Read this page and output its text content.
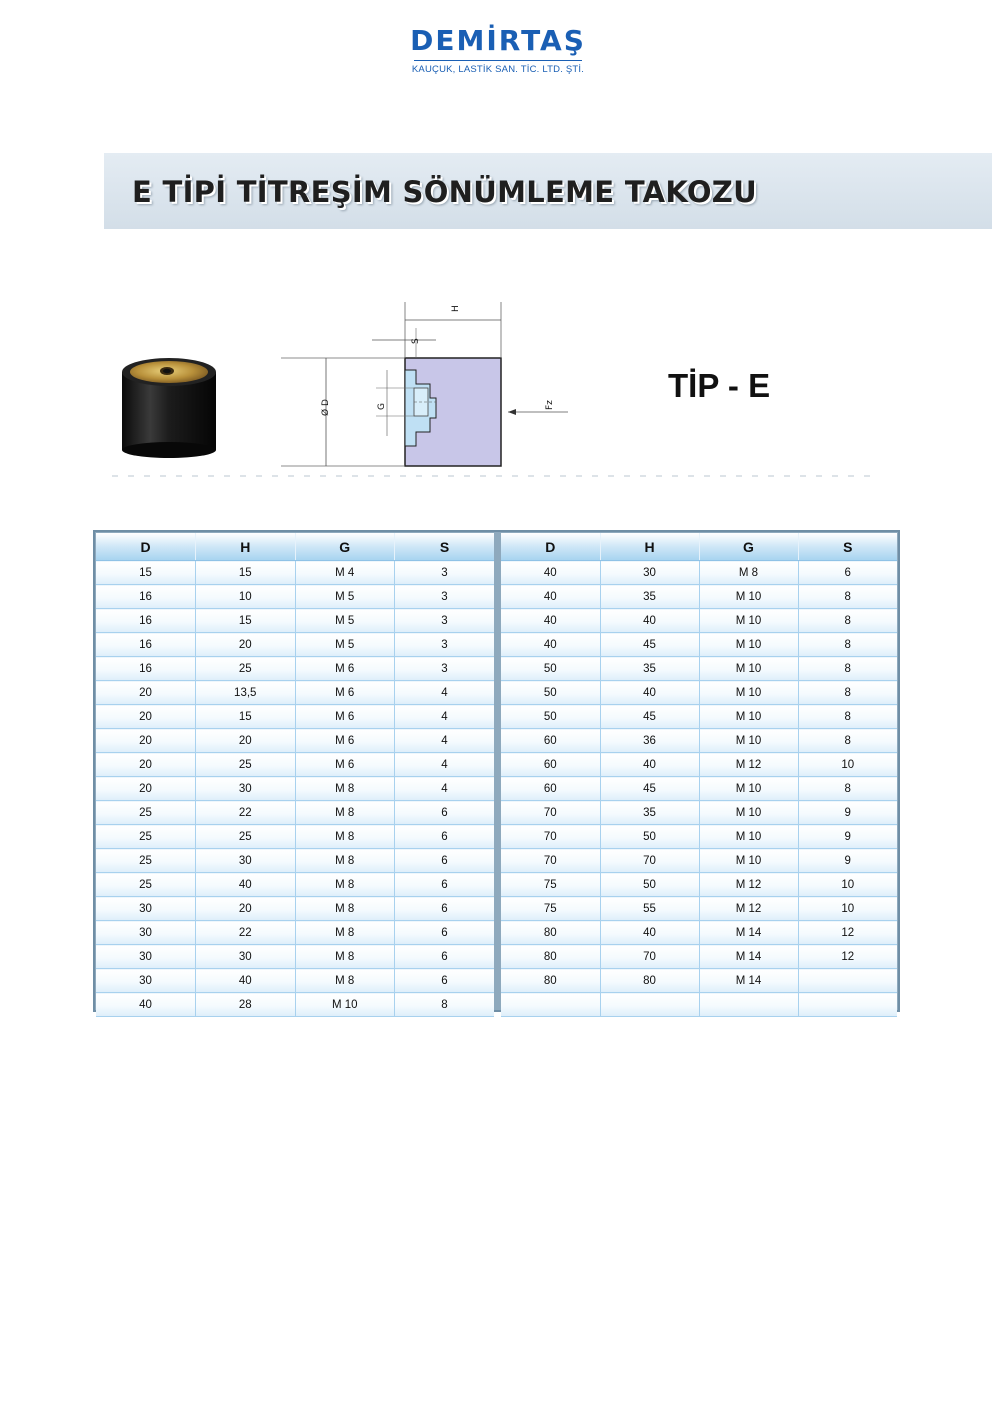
DEMİRTAŞ
KAUÇUK, LASTİK SAN. TİC. LTD. ŞTİ.
E TİPİ TİTREŞİM SÖNÜMLEME TAKOZU
H
S
Ø D	G	Fz
TİP - E
D	H	G	S
15	15	M 4	3
16	10	M 5	3
16	15	M 5	3
16	20	M 5	3
16	25	M 6	3
20	13,5	M 6	4
20	15	M 6	4
20	20	M 6	4
20	25	M 6	4
20	30	M 8	4
25	22	M 8	6
25	25	M 8	6
25	30	M 8	6
25	40	M 8	6
30	20	M 8	6
30	22	M 8	6
30	30	M 8	6
30	40	M 8	6
40	28	M 10	8
D	H	G	S
40	30	M 8	6
40	35	M 10	8
40	40	M 10	8
40	45	M 10	8
50	35	M 10	8
50	40	M 10	8
50	45	M 10	8
60	36	M 10	8
60	40	M 12	10
60	45	M 10	8
70	35	M 10	9
70	50	M 10	9
70	70	M 10	9
75	50	M 12	10
75	55	M 12	10
80	40	M 14	12
80	70	M 14	12
80	80	M 14	
